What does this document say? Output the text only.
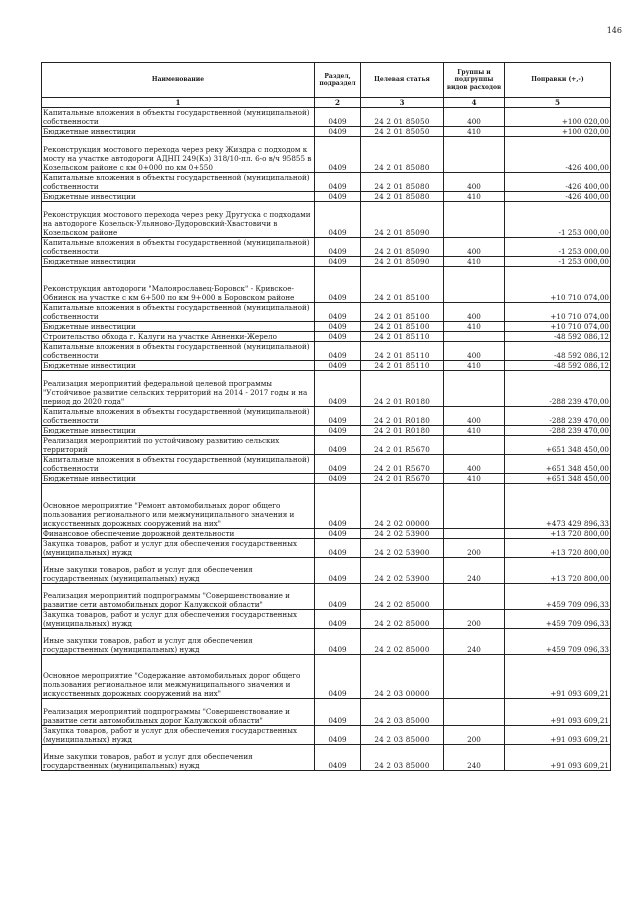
146
Наименование	Раздел, подраздел	Целевая статья	Группы и подгруппы видов расходов	Поправки (+,-)
1	2	3	4	5
Капитальные вложения в объекты государственной (муниципальной) собственности	0409	24 2 01 85050	400	+100 020,00
Бюджетные инвестиции	0409	24 2 01 85050	410	+100 020,00
Реконструкция мостового перехода через реку Жиздра с подходом к мосту на участке автодороги АДНП 249(Кз) 318/10-пл. 6-о в/ч 95855 в Козельском районе с км 0+000 по км 0+550	0409	24 2 01 85080		-426 400,00
Капитальные вложения в объекты государственной (муниципальной) собственности	0409	24 2 01 85080	400	-426 400,00
Бюджетные инвестиции	0409	24 2 01 85080	410	-426 400,00
Реконструкция мостового перехода через реку Другуска с подходами на автодороге Козельск-Ульяново-Дудоровский-Хвастовичи в Козельском районе	0409	24 2 01 85090		-1 253 000,00
Капитальные вложения в объекты государственной (муниципальной) собственности	0409	24 2 01 85090	400	-1 253 000,00
Бюджетные инвестиции	0409	24 2 01 85090	410	-1 253 000,00
Реконструкция автодороги "Малоярославец-Боровск" - Кривское-Обнинск на участке с км 6+500 по км 9+000 в Боровском районе	0409	24 2 01 85100		+10 710 074,00
Капитальные вложения в объекты государственной (муниципальной) собственности	0409	24 2 01 85100	400	+10 710 074,00
Бюджетные инвестиции	0409	24 2 01 85100	410	+10 710 074,00
Строительство обхода г. Калуги на участке Анненки-Жерело	0409	24 2 01 85110		-48 592 086,12
Капитальные вложения в объекты государственной (муниципальной) собственности	0409	24 2 01 85110	400	-48 592 086,12
Бюджетные инвестиции	0409	24 2 01 85110	410	-48 592 086,12
Реализация мероприятий федеральной целевой программы "Устойчивое развитие сельских территорий на 2014 - 2017 годы и на период до 2020 года"	0409	24 2 01 R0180		-288 239 470,00
Капитальные вложения в объекты государственной (муниципальной) собственности	0409	24 2 01 R0180	400	-288 239 470,00
Бюджетные инвестиции	0409	24 2 01 R0180	410	-288 239 470,00
Реализация мероприятий по устойчивому развитию сельских территорий	0409	24 2 01 R5670		+651 348 450,00
Капитальные вложения в объекты государственной (муниципальной) собственности	0409	24 2 01 R5670	400	+651 348 450,00
Бюджетные инвестиции	0409	24 2 01 R5670	410	+651 348 450,00
Основное мероприятие "Ремонт автомобильных дорог общего пользования регионального или межмуниципального значения и искусственных дорожных сооружений на них"	0409	24 2 02 00000		+473 429 896,33
Финансовое обеспечение дорожной деятельности	0409	24 2 02 53900		+13 720 800,00
Закупка товаров, работ и услуг для обеспечения государственных (муниципальных) нужд	0409	24 2 02 53900	200	+13 720 800,00
Иные закупки товаров, работ и услуг для обеспечения государственных (муниципальных) нужд	0409	24 2 02 53900	240	+13 720 800,00
Реализация мероприятий подпрограммы "Совершенствование и развитие сети автомобильных дорог Калужской области"	0409	24 2 02 85000		+459 709 096,33
Закупка товаров, работ и услуг для обеспечения государственных (муниципальных) нужд	0409	24 2 02 85000	200	+459 709 096,33
Иные закупки товаров, работ и услуг для обеспечения государственных (муниципальных) нужд	0409	24 2 02 85000	240	+459 709 096,33
Основное мероприятие "Содержание автомобильных дорог общего пользования региональное или межмуниципального значения и искусственных дорожных сооружений на них"	0409	24 2 03 00000		+91 093 609,21
Реализация мероприятий подпрограммы "Совершенствование и развитие сети автомобильных дорог Калужской области"	0409	24 2 03 85000		+91 093 609,21
Закупка товаров, работ и услуг для обеспечения государственных (муниципальных) нужд	0409	24 2 03 85000	200	+91 093 609,21
Иные закупки товаров, работ и услуг для обеспечения государственных (муниципальных) нужд	0409	24 2 03 85000	240	+91 093 609,21
